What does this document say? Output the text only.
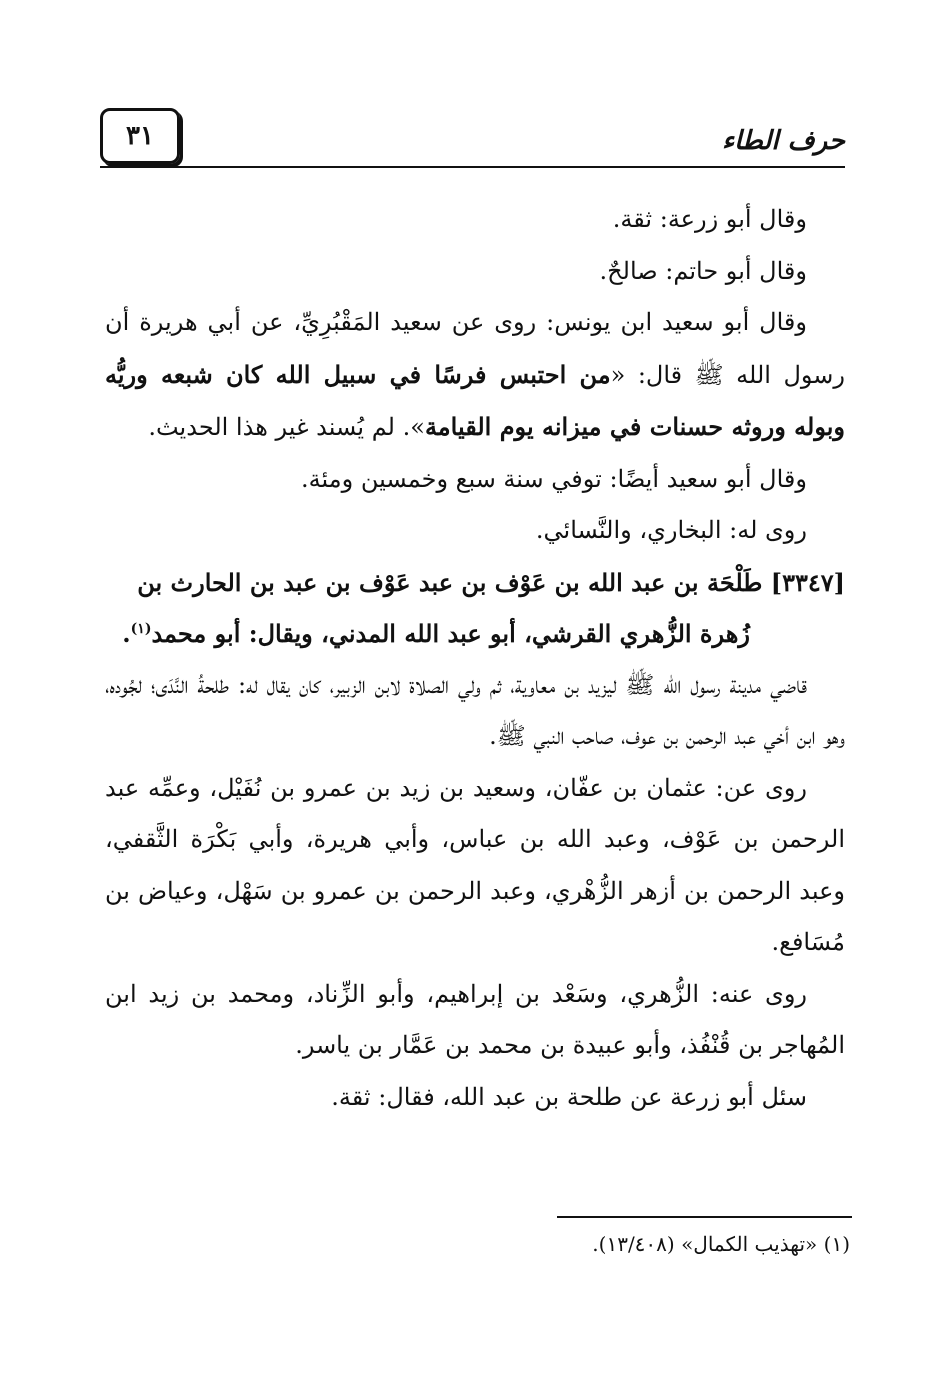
حرف الطاء
٣١

وقال أبو زرعة: ثقة.

وقال أبو حاتم: صالحٌ.

وقال أبو سعيد ابن يونس: روى عن سعيد المَقْبُرِيِّ، عن أبي هريرة أن رسول الله ﷺ قال: «من احتبس فرسًا في سبيل الله كان شبعه وريُّه وبوله وروثه حسنات في ميزانه يوم القيامة». لم يُسند غير هذا الحديث.

وقال أبو سعيد أيضًا: توفي سنة سبع وخمسين ومئة.

روى له: البخاري، والنَّسائي.

[٣٣٤٧] طَلْحَة بن عبد الله بن عَوْف بن عبد عَوْف بن عبد بن الحارث بن

زُهرة الزُّهري القرشي، أبو عبد الله المدني، ويقال: أبو محمد$^{(١)}$.

قاضي مدينة رسول الله ﷺ ليزيد بن معاوية، ثم ولي الصلاة لابن الزبير، كان يقال له: طلحةُ النَّدَى؛ لجُوده، وهو ابن أخي عبد الرحمن بن عوف، صاحب النبي ﷺ.

روى عن: عثمان بن عفّان، وسعيد بن زيد بن عمرو بن نُفَيْل، وعمِّه عبد الرحمن بن عَوْف، وعبد الله بن عباس، وأبي هريرة، وأبي بَكْرَة الثَّقفي، وعبد الرحمن بن أزهر الزُّهْري، وعبد الرحمن بن عمرو بن سَهْل، وعياض بن مُسَافع.

روى عنه: الزُّهري، وسَعْد بن إبراهيم، وأبو الزِّناد، ومحمد بن زيد ابن المُهاجر بن قُنْفُذ، وأبو عبيدة بن محمد بن عَمَّار بن ياسر.

سئل أبو زرعة عن طلحة بن عبد الله، فقال: ثقة.

(١) «تهذيب الكمال» (١٣/٤٠٨).
